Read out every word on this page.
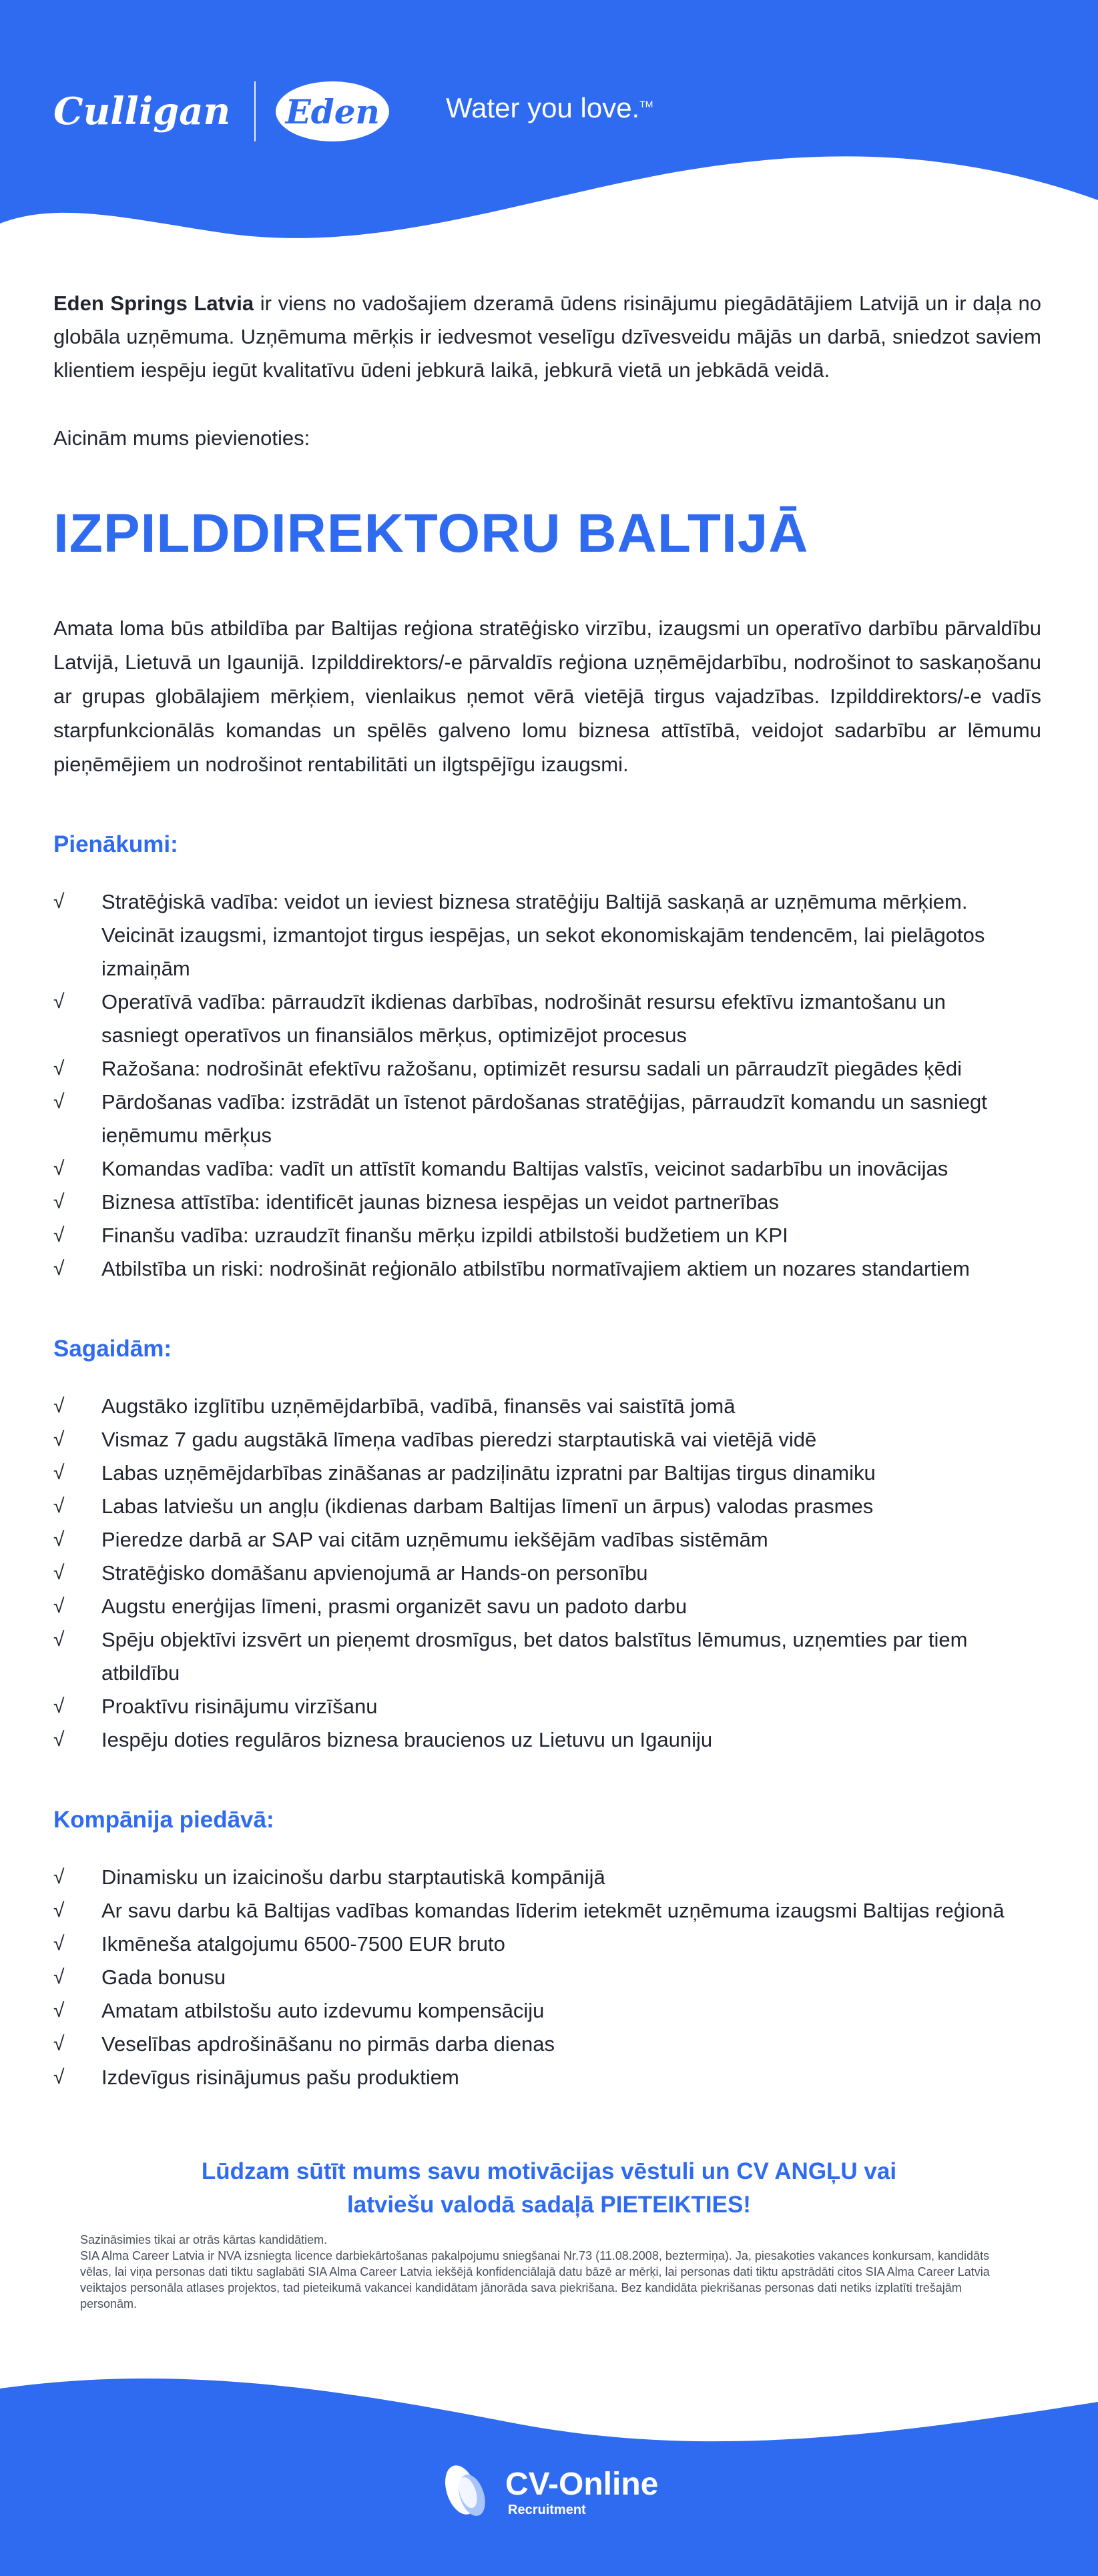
Culligan Eden	Water you love.™

Eden Springs Latvia ir viens no vadošajiem dzeramā ūdens risinājumu piegādātājiem Latvijā un ir daļa no globāla uzņēmuma. Uzņēmuma mērķis ir iedvesmot veselīgu dzīvesveidu mājās un darbā, sniedzot saviem klientiem iespēju iegūt kvalitatīvu ūdeni jebkurā laikā, jebkurā vietā un jebkādā veidā.

Aicinām mums pievienoties:

IZPILDDIREKTORU BALTIJĀ

Amata loma būs atbildība par Baltijas reģiona stratēģisko virzību, izaugsmi un operatīvo darbību pārvaldību Latvijā, Lietuvā un Igaunijā. Izpilddirektors/-e pārvaldīs reģiona uzņēmējdarbību, nodrošinot to saskaņošanu ar grupas globālajiem mērķiem, vienlaikus ņemot vērā vietējā tirgus vajadzības. Izpilddirektors/-e vadīs starpfunkcionālās komandas un spēlēs galveno lomu biznesa attīstībā, veidojot sadarbību ar lēmumu pieņēmējiem un nodrošinot rentabilitāti un ilgtspējīgu izaugsmi.

Pienākumi:
√	Stratēģiskā vadība: veidot un ieviest biznesa stratēģiju Baltijā saskaņā ar uzņēmuma mērķiem. Veicināt izaugsmi, izmantojot tirgus iespējas, un sekot ekonomiskajām tendencēm, lai pielāgotos izmaiņām
√	Operatīvā vadība: pārraudzīt ikdienas darbības, nodrošināt resursu efektīvu izmantošanu un sasniegt operatīvos un finansiālos mērķus, optimizējot procesus
√	Ražošana: nodrošināt efektīvu ražošanu, optimizēt resursu sadali un pārraudzīt piegādes ķēdi
√	Pārdošanas vadība: izstrādāt un īstenot pārdošanas stratēģijas, pārraudzīt komandu un sasniegt ieņēmumu mērķus
√	Komandas vadība: vadīt un attīstīt komandu Baltijas valstīs, veicinot sadarbību un inovācijas
√	Biznesa attīstība: identificēt jaunas biznesa iespējas un veidot partnerības
√	Finanšu vadība: uzraudzīt finanšu mērķu izpildi atbilstoši budžetiem un KPI
√	Atbilstība un riski: nodrošināt reģionālo atbilstību normatīvajiem aktiem un nozares standartiem
Sagaidām:
√	Augstāko izglītību uzņēmējdarbībā, vadībā, finansēs vai saistītā jomā
√	Vismaz 7 gadu augstākā līmeņa vadības pieredzi starptautiskā vai vietējā vidē
√	Labas uzņēmējdarbības zināšanas ar padziļinātu izpratni par Baltijas tirgus dinamiku
√	Labas latviešu un angļu (ikdienas darbam Baltijas līmenī un ārpus) valodas prasmes
√	Pieredze darbā ar SAP vai citām uzņēmumu iekšējām vadības sistēmām
√	Stratēģisko domāšanu apvienojumā ar Hands-on personību
√	Augstu enerģijas līmeni, prasmi organizēt savu un padoto darbu
√	Spēju objektīvi izsvērt un pieņemt drosmīgus, bet datos balstītus lēmumus, uzņemties par tiem atbildību
√	Proaktīvu risinājumu virzīšanu
√	Iespēju doties regulāros biznesa braucienos uz Lietuvu un Igauniju
Kompānija piedāvā:
√	Dinamisku un izaicinošu darbu starptautiskā kompānijā
√	Ar savu darbu kā Baltijas vadības komandas līderim ietekmēt uzņēmuma izaugsmi Baltijas reģionā
√	Ikmēneša atalgojumu 6500-7500 EUR bruto
√	Gada bonusu
√	Amatam atbilstošu auto izdevumu kompensāciju
√	Veselības apdrošināšanu no pirmās darba dienas
√	Izdevīgus risinājumus pašu produktiem
Lūdzam sūtīt mums savu motivācijas vēstuli un CV ANGĻU vai
latviešu valodā sadaļā PIETEIKTIES!

Sazināsimies tikai ar otrās kārtas kandidātiem.

SIA Alma Career Latvia ir NVA izsniegta licence darbiekārtošanas pakalpojumu sniegšanai Nr.73 (11.08.2008, beztermiņa). Ja, piesakoties vakances konkursam, kandidāts vēlas, lai viņa personas dati tiktu saglabāti SIA Alma Career Latvia iekšējā konfidenciālajā datu bāzē ar mērķi, lai personas dati tiktu apstrādāti citos SIA Alma Career Latvia veiktajos personāla atlases projektos, tad pieteikumā vakancei kandidātam jānorāda sava piekrišana. Bez kandidāta piekrišanas personas dati netiks izplatīti trešajām personām.

CV-Online
Recruitment
